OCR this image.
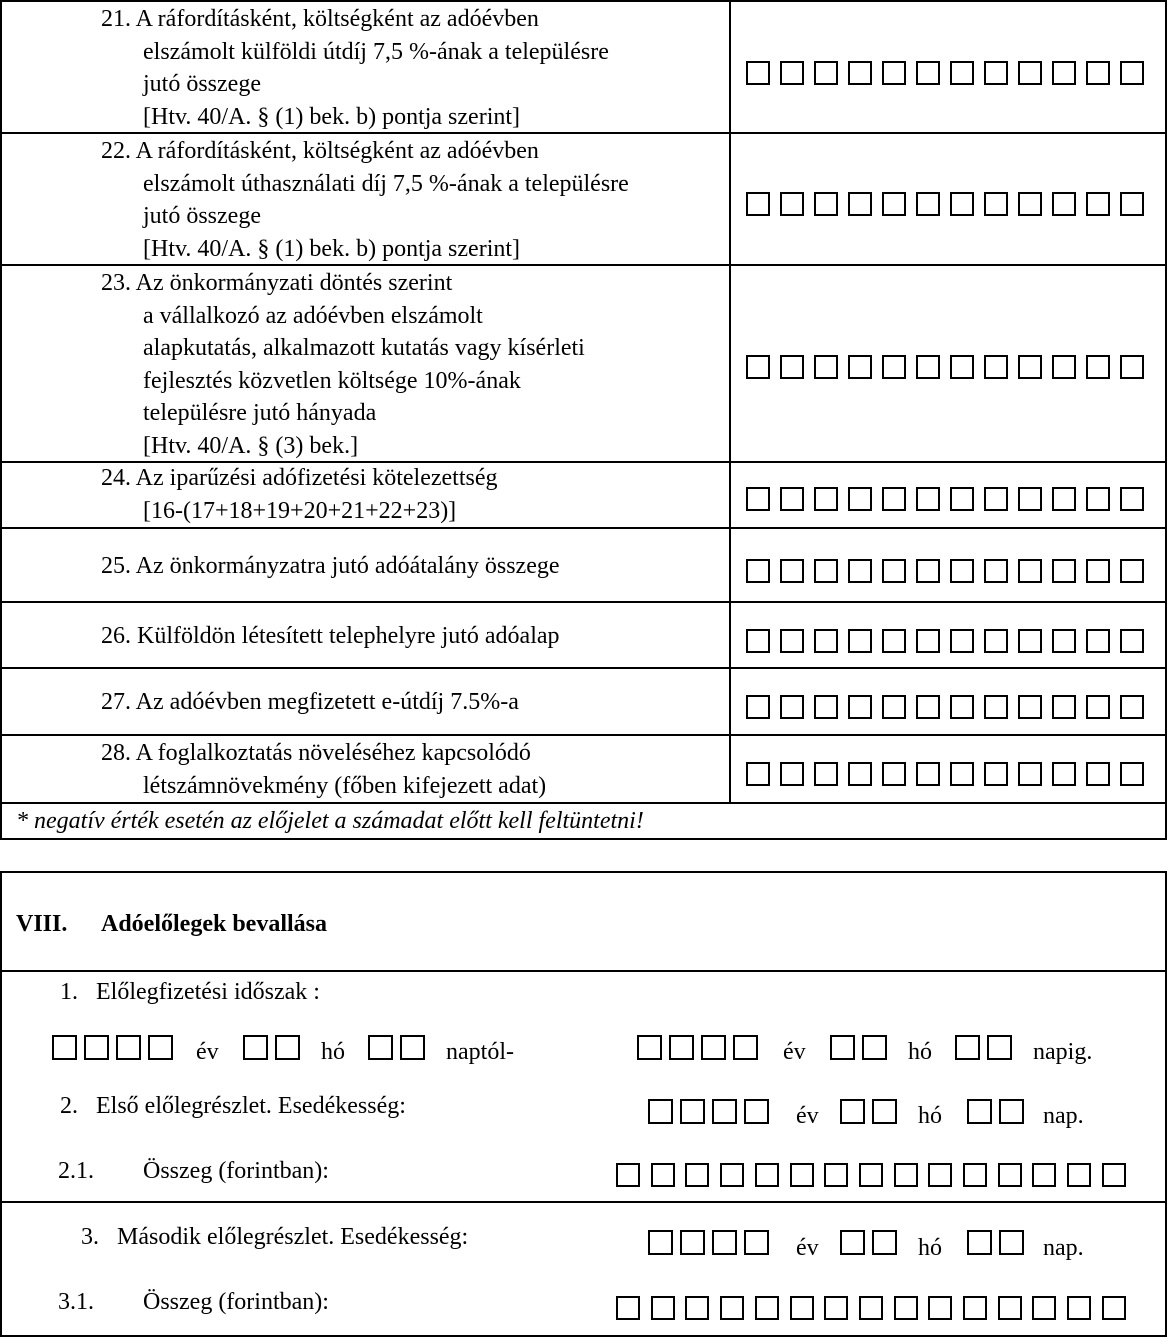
21. A ráfordításként, költségként az adóévben
elszámolt külföldi útdíj 7,5 %-ának a településre
jutó összege
[Htv. 40/A. § (1) bek. b) pontja szerint]
22. A ráfordításként, költségként az adóévben
elszámolt úthasználati díj 7,5 %-ának a településre
jutó összege
[Htv. 40/A. § (1) bek. b) pontja szerint]
23. Az önkormányzati döntés szerint
a vállalkozó az adóévben elszámolt
alapkutatás, alkalmazott kutatás vagy kísérleti
fejlesztés közvetlen költsége 10%-ának
településre jutó hányada
[Htv. 40/A. § (3) bek.]
24. Az iparűzési adófizetési kötelezettség
[16-(17+18+19+20+21+22+23)]
25. Az önkormányzatra jutó adóátalány összege
26. Külföldön létesített telephelyre jutó adóalap
27. Az adóévben megfizetett e-útdíj 7.5%-a
28. A foglalkoztatás növeléséhez kapcsolódó
létszámnövekmény (főben kifejezett adat)
* negatív érték esetén az előjelet a számadat előtt kell feltüntetni!
VIII. Adóelőlegek bevallása
1.   Előlegfizetési időszak :
év	hó	naptól-	év	hó	napig.
2.   Első előlegrészlet. Esedékesség:	év	hó	nap.
2.1. Összeg (forintban):
3.   Második előlegrészlet. Esedékesség:	év	hó	nap.
3.1. Összeg (forintban):
